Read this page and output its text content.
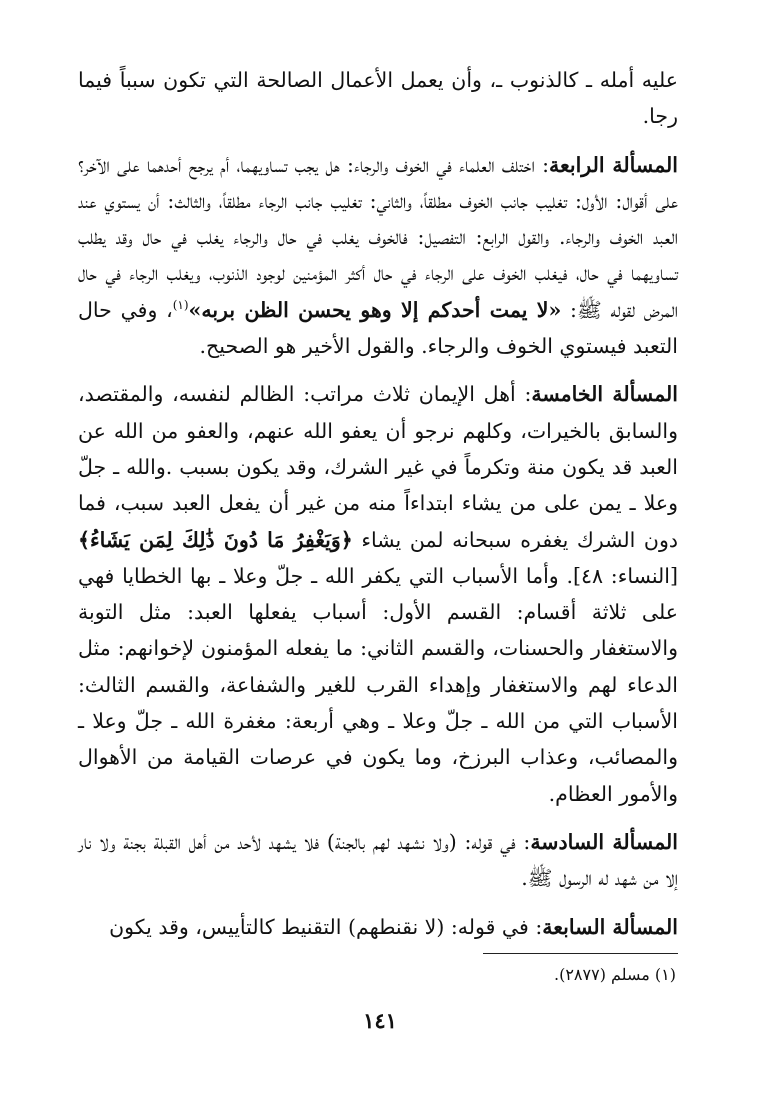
عليه أمله ـ كالذنوب ـ، وأن يعمل الأعمال الصالحة التي تكون سبباً فيما رجا.

المسألة الرابعة: اختلف العلماء في الخوف والرجاء: هل يجب تساويهما، أم يرجح أحدهما على الآخر؟ على أقوال: الأول: تغليب جانب الخوف مطلقاً، والثاني: تغليب جانب الرجاء مطلقاً، والثالث: أن يستوي عند العبد الخوف والرجاء. والقول الرابع: التفصيل: فالخوف يغلب في حال والرجاء يغلب في حال وقد يطلب تساويهما في حال، فيغلب الخوف على الرجاء في حال أكثر المؤمنين لوجود الذنوب، ويغلب الرجاء في حال المرض لقوله ﷺ: «لا يمت أحدكم إلا وهو يحسن الظن بربه»$^{(١)}$، وفي حال التعبد فيستوي الخوف والرجاء. والقول الأخير هو الصحيح.

المسألة الخامسة: أهل الإيمان ثلاث مراتب: الظالم لنفسه، والمقتصد، والسابق بالخيرات، وكلهم نرجو أن يعفو الله عنهم، والعفو من الله عن العبد قد يكون منة وتكرماً في غير الشرك، وقد يكون بسبب .والله ـ جلّ وعلا ـ يمن على من يشاء ابتداءاً منه من غير أن يفعل العبد سبب، فما دون الشرك يغفره سبحانه لمن يشاء ﴿وَيَغْفِرُ مَا دُونَ ذَٰلِكَ لِمَن يَشَاءُ﴾ [النساء: ٤٨]. وأما الأسباب التي يكفر الله ـ جلّ وعلا ـ بها الخطايا فهي على ثلاثة أقسام: القسم الأول: أسباب يفعلها العبد: مثل التوبة والاستغفار والحسنات، والقسم الثاني: ما يفعله المؤمنون لإخوانهم: مثل الدعاء لهم والاستغفار وإهداء القرب للغير والشفاعة، والقسم الثالث: الأسباب التي من الله ـ جلّ وعلا ـ وهي أربعة: مغفرة الله ـ جلّ وعلا ـ والمصائب، وعذاب البرزخ، وما يكون في عرصات القيامة من الأهوال والأمور العظام.

المسألة السادسة: في قوله: (ولا نشهد لهم بالجنة) فلا يشهد لأحد من أهل القبلة بجنة ولا نار إلا من شهد له الرسول ﷺ.

المسألة السابعة: في قوله: (لا نقنطهم) التقنيط كالتأييس، وقد يكون

(١) مسلم (٢٨٧٧).
١٤١
